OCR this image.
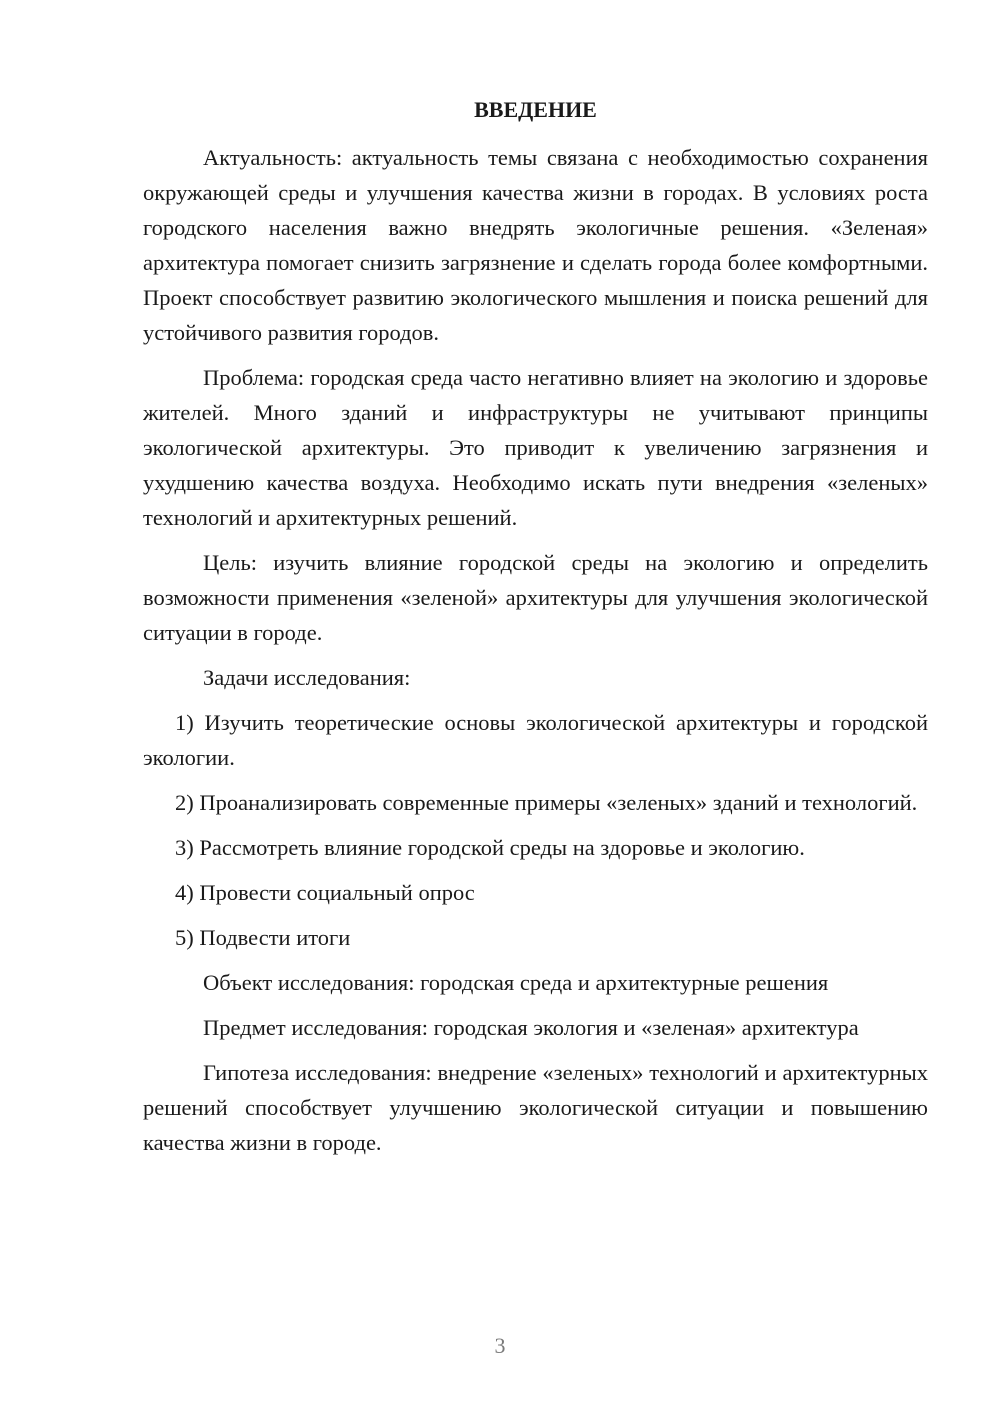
ВВЕДЕНИЕ

Актуальность: актуальность темы связана с необходимостью сохранения окружающей среды и улучшения качества жизни в городах. В условиях роста городского населения важно внедрять экологичные решения. «Зеленая» архитектура помогает снизить загрязнение и сделать города более комфортными. Проект способствует развитию экологического мышления и поиска решений для устойчивого развития городов.

Проблема: городская среда часто негативно влияет на экологию и здоровье жителей. Много зданий и инфраструктуры не учитывают принципы экологической архитектуры. Это приводит к увеличению загрязнения и ухудшению качества воздуха. Необходимо искать пути внедрения «зеленых» технологий и архитектурных решений.

Цель: изучить влияние городской среды на экологию и определить возможности применения «зеленой» архитектуры для улучшения экологической ситуации в городе.

Задачи исследования:

1) Изучить теоретические основы экологической архитектуры и городской экологии.

2) Проанализировать современные примеры «зеленых» зданий и технологий.

3) Рассмотреть влияние городской среды на здоровье и экологию.

4) Провести социальный опрос

5) Подвести итоги

Объект исследования: городская среда и архитектурные решения

Предмет исследования: городская экология и «зеленая» архитектура

Гипотеза исследования: внедрение «зеленых» технологий и архитектурных решений способствует улучшению экологической ситуации и повышению качества жизни в городе.

3
